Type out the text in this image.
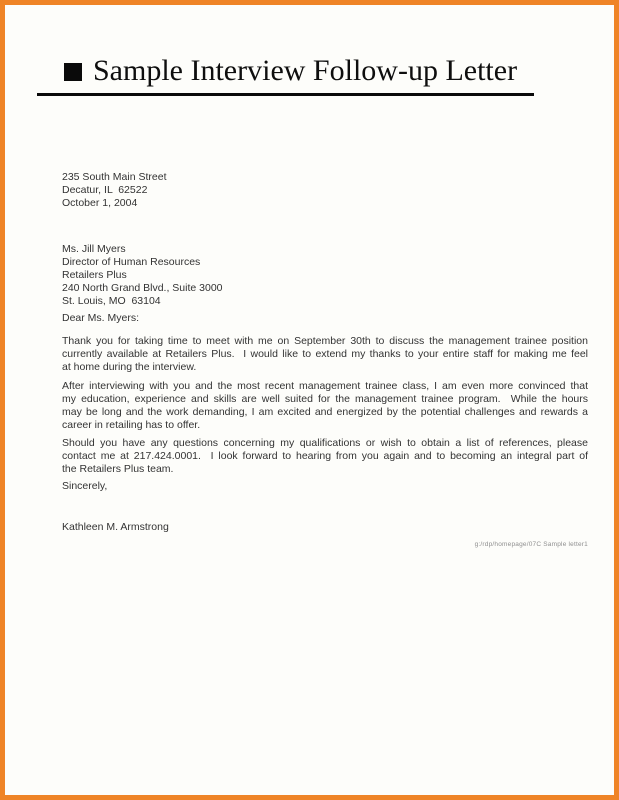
Sample Interview Follow-up Letter
235 South Main Street
Decatur, IL  62522
October 1, 2004
Ms. Jill Myers
Director of Human Resources
Retailers Plus
240 North Grand Blvd., Suite 3000
St. Louis, MO  63104
Dear Ms. Myers:
Thank you for taking time to meet with me on September 30th to discuss the management trainee position
currently available at Retailers Plus.  I would like to extend my thanks to your entire staff for making me feel
at home during the interview.
After interviewing with you and the most recent management trainee class, I am even more convinced that
my education, experience and skills are well suited for the management trainee program.  While the hours
may be long and the work demanding, I am excited and energized by the potential challenges and rewards a
career in retailing has to offer.
Should you have any questions concerning my qualifications or wish to obtain a list of references, please
contact me at 217.424.0001.  I look forward to hearing from you again and to becoming an integral part of
the Retailers Plus team.
Sincerely,
Kathleen M. Armstrong
g:/rdp/homepage/07C Sample letter1
